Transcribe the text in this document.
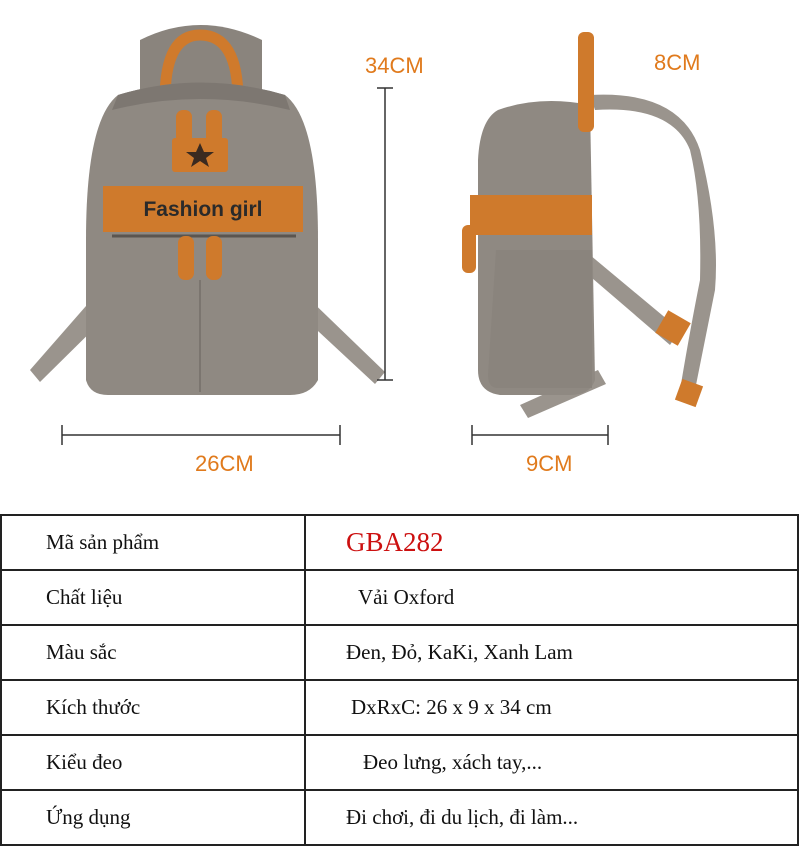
Fashion girl
34CM	8CM
26CM	9CM
Mã sản phẩm	GBA282
Chất liệu	Vải Oxford
Màu sắc	Đen, Đỏ, KaKi, Xanh Lam
Kích thước	DxRxC: 26 x 9 x 34 cm
Kiểu đeo	Đeo lưng, xách tay,...
Ứng dụng	Đi chơi, đi du lịch, đi làm...
